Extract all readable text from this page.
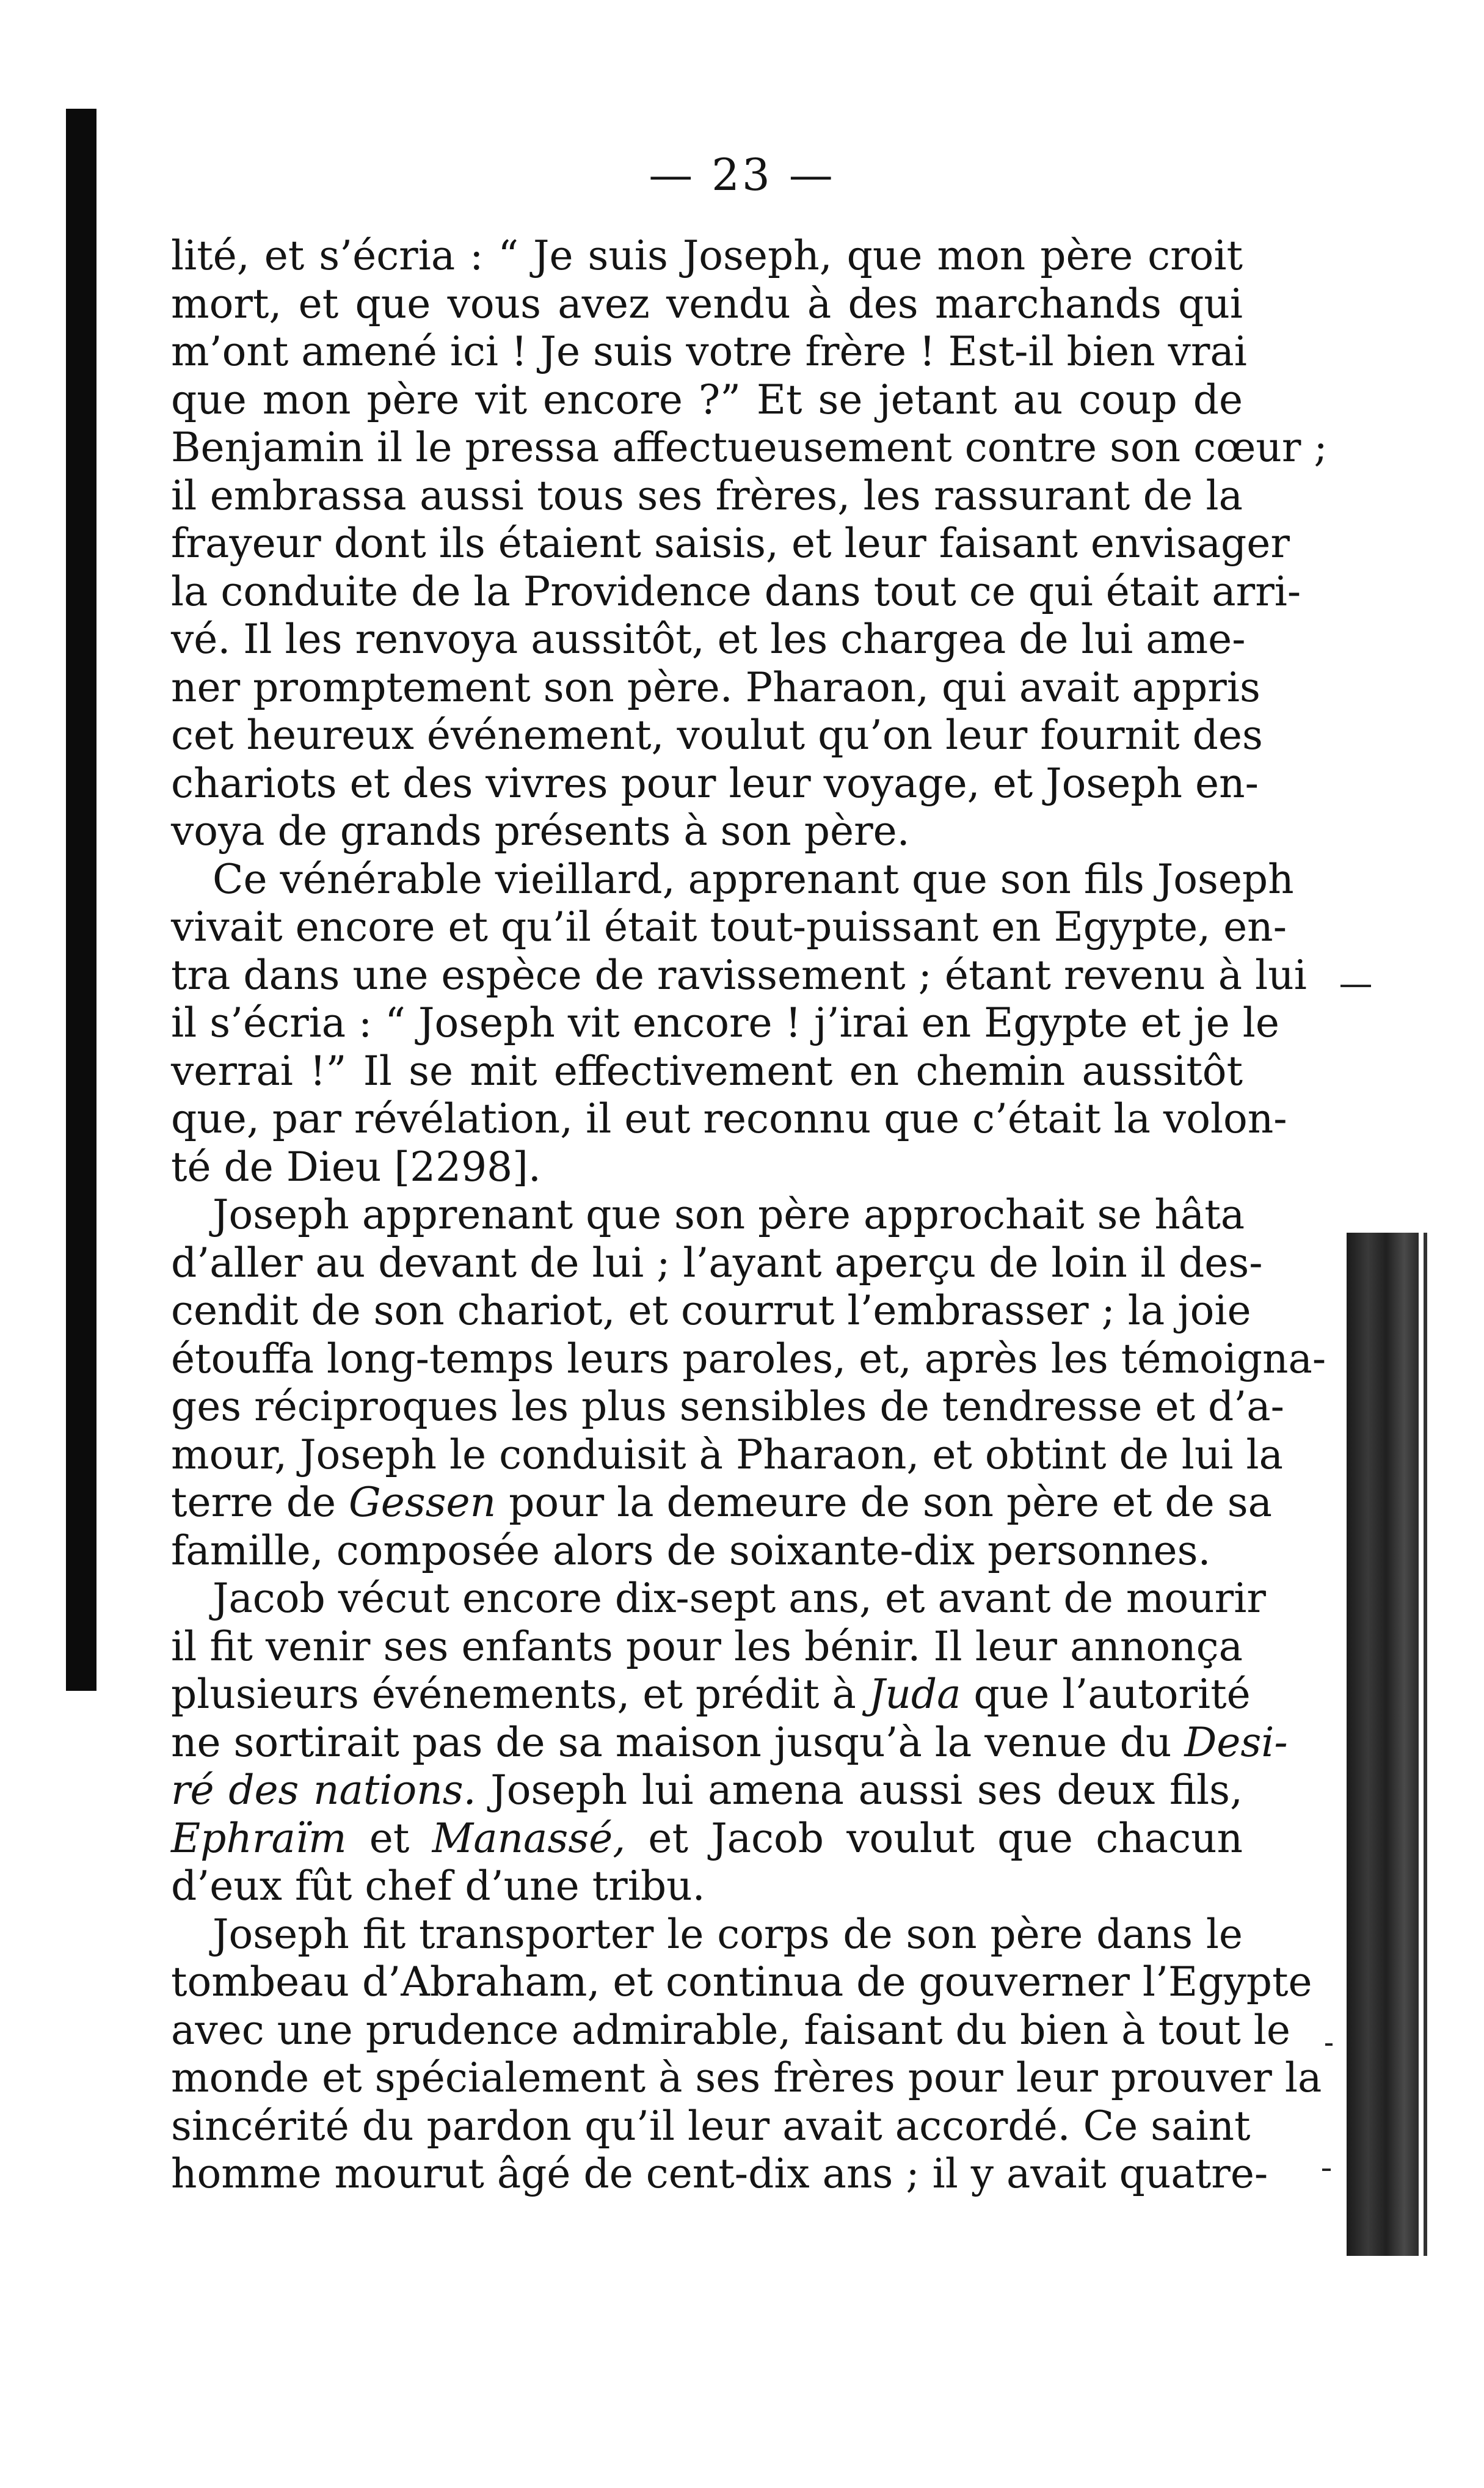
— 23 —
lité, et s’écria : “ Je suis Joseph, que mon père croit
mort, et que vous avez vendu à des marchands qui
m’ont amené ici ! Je suis votre frère ! Est-il bien vrai
que mon père vit encore ?” Et se jetant au coup de
Benjamin il le pressa affectueusement contre son cœur ;
il embrassa aussi tous ses frères, les rassurant de la
frayeur dont ils étaient saisis, et leur faisant envisager
la conduite de la Providence dans tout ce qui était arri-
vé. Il les renvoya aussitôt, et les chargea de lui ame-
ner promptement son père. Pharaon, qui avait appris
cet heureux événement, voulut qu’on leur fournit des
chariots et des vivres pour leur voyage, et Joseph en-
voya de grands présents à son père.
Ce vénérable vieillard, apprenant que son fils Joseph
vivait encore et qu’il était tout-puissant en Egypte, en-
tra dans une espèce de ravissement ; étant revenu à lui
il s’écria : “ Joseph vit encore ! j’irai en Egypte et je le
verrai !” Il se mit effectivement en chemin aussitôt
que, par révélation, il eut reconnu que c’était la volon-
té de Dieu [2298].
Joseph apprenant que son père approchait se hâta
d’aller au devant de lui ; l’ayant aperçu de loin il des-
cendit de son chariot, et courrut l’embrasser ; la joie
étouffa long-temps leurs paroles, et, après les témoigna-
ges réciproques les plus sensibles de tendresse et d’a-
mour, Joseph le conduisit à Pharaon, et obtint de lui la
terre de Gessen pour la demeure de son père et de sa
famille, composée alors de soixante-dix personnes.
Jacob vécut encore dix-sept ans, et avant de mourir
il fit venir ses enfants pour les bénir. Il leur annonça
plusieurs événements, et prédit à Juda que l’autorité
ne sortirait pas de sa maison jusqu’à la venue du Desi-
ré des nations. Joseph lui amena aussi ses deux fils,
Ephraïm et Manassé, et Jacob voulut que chacun
d’eux fût chef d’une tribu.
Joseph fit transporter le corps de son père dans le
tombeau d’Abraham, et continua de gouverner l’Egypte
avec une prudence admirable, faisant du bien à tout le
monde et spécialement à ses frères pour leur prouver la
sincérité du pardon qu’il leur avait accordé. Ce saint
homme mourut âgé de cent-dix ans ; il y avait quatre-
